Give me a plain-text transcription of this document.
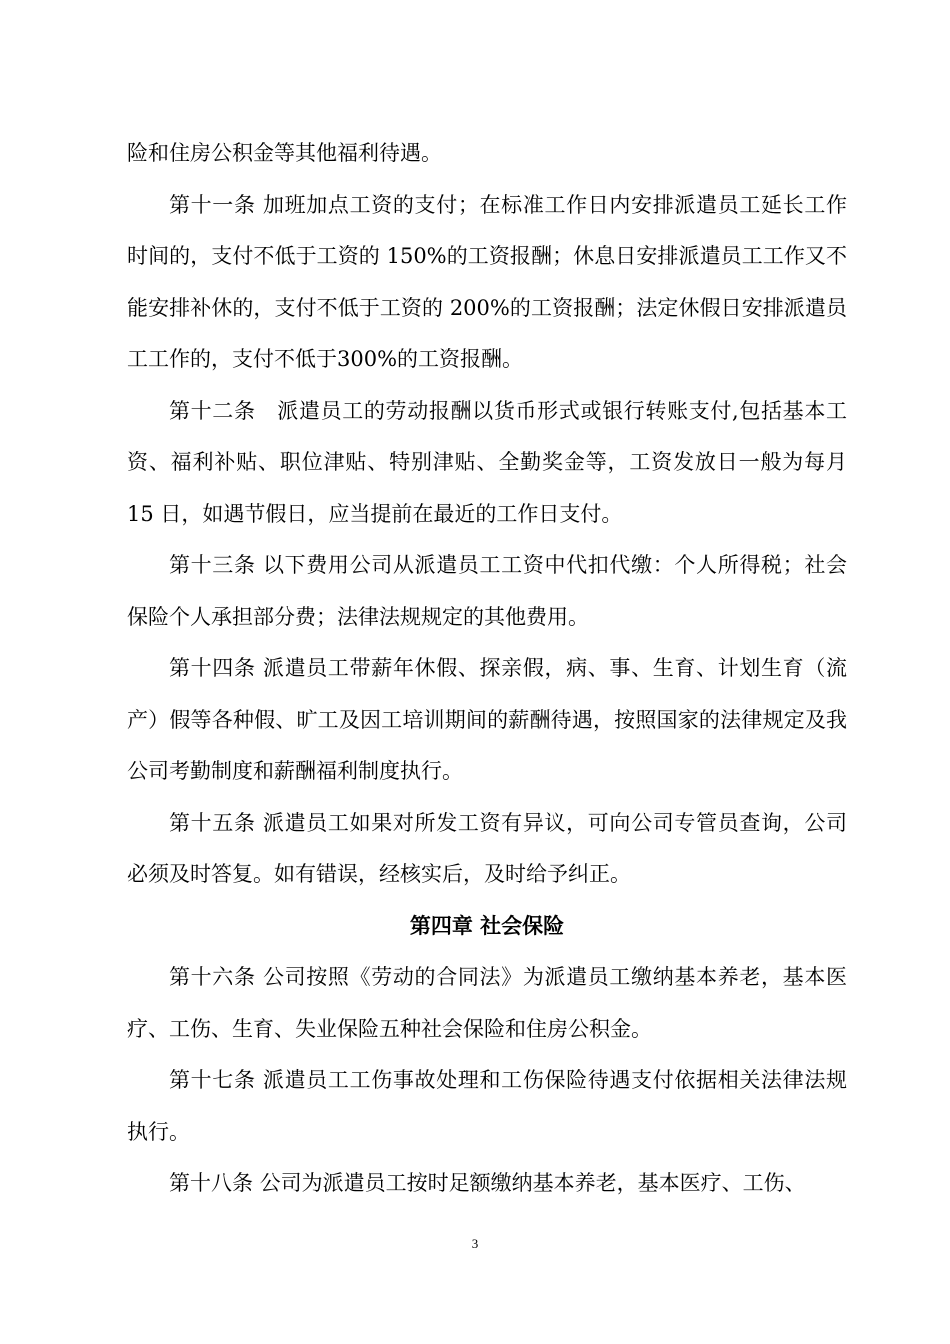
险和住房公积金等其他福利待遇。

第十一条 加班加点工资的支付；在标准工作日内安排派遣员工延长工作时间的，支付不低于工资的 150%的工资报酬；休息日安排派遣员工工作又不能安排补休的，支付不低于工资的 200%的工资报酬；法定休假日安排派遣员工工作的，支付不低于300%的工资报酬。

第十二条　派遣员工的劳动报酬以货币形式或银行转账支付,包括基本工资、福利补贴、职位津贴、特别津贴、全勤奖金等，工资发放日一般为每月 15 日，如遇节假日，应当提前在最近的工作日支付。

第十三条 以下费用公司从派遣员工工资中代扣代缴：个人所得税；社会保险个人承担部分费；法律法规规定的其他费用。

第十四条 派遣员工带薪年休假、探亲假，病、事、生育、计划生育（流产）假等各种假、旷工及因工培训期间的薪酬待遇，按照国家的法律规定及我公司考勤制度和薪酬福利制度执行。

第十五条 派遣员工如果对所发工资有异议，可向公司专管员查询，公司必须及时答复。如有错误，经核实后，及时给予纠正。

第四章 社会保险

第十六条 公司按照《劳动的合同法》为派遣员工缴纳基本养老，基本医疗、工伤、生育、失业保险五种社会保险和住房公积金。

第十七条 派遣员工工伤事故处理和工伤保险待遇支付依据相关法律法规执行。

第十八条 公司为派遣员工按时足额缴纳基本养老，基本医疗、工伤、

3
